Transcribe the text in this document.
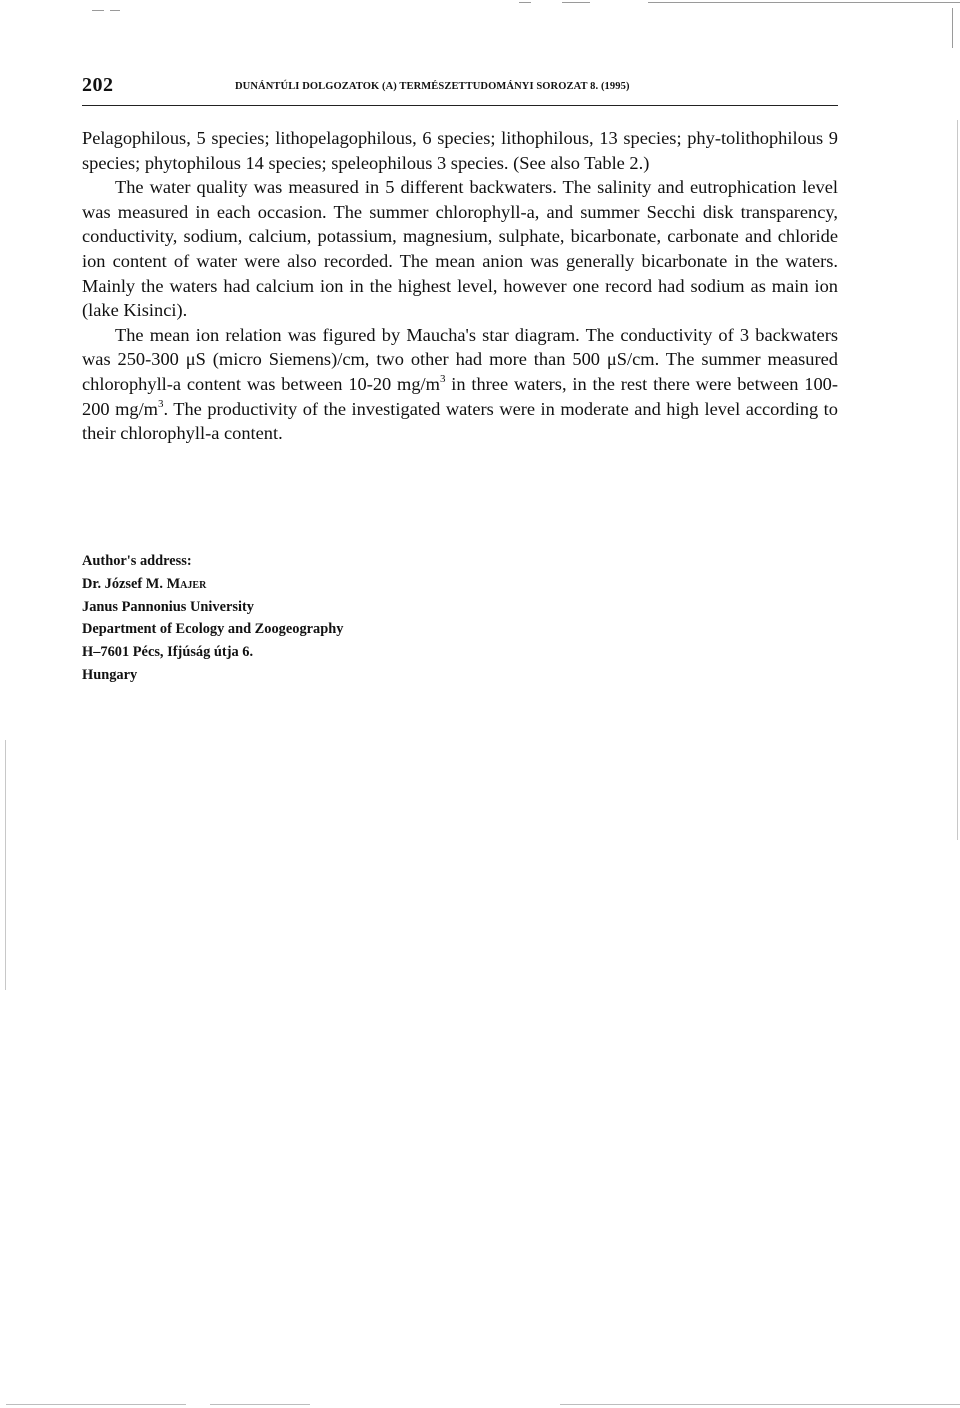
202	DUNÁNTÚLI DOLGOZATOK (A) TERMÉSZETTUDOMÁNYI SOROZAT 8. (1995)

Pelagophilous, 5 species; lithopelagophilous, 6 species; lithophilous, 13 species; phy-tolithophilous 9 species; phytophilous 14 species; speleophilous 3 species. (See also Table 2.)

The water quality was measured in 5 different backwaters. The salinity and eutrophication level was measured in each occasion. The summer chlorophyll-a, and summer Secchi disk transparency, conductivity, sodium, calcium, potassium, magnesium, sulphate, bicarbonate, carbonate and chloride ion content of water were also recorded. The mean anion was generally bicarbonate in the waters. Mainly the waters had calcium ion in the highest level, however one record had sodium as main ion (lake Kisinci).

The mean ion relation was figured by Maucha's star diagram. The conductivity of 3 backwaters was 250-300 μS (micro Siemens)/cm, two other had more than 500 μS/cm. The summer measured chlorophyll-a content was between 10-20 $mg/m^3$ in three waters, in the rest there were between 100-200 $mg/m^3$. The productivity of the investigated waters were in moderate and high level according to their chlorophyll-a content.

Author's address:
Dr. József M. Majer
Janus Pannonius University
Department of Ecology and Zoogeography
H–7601 Pécs, Ifjúság útja 6.
Hungary
